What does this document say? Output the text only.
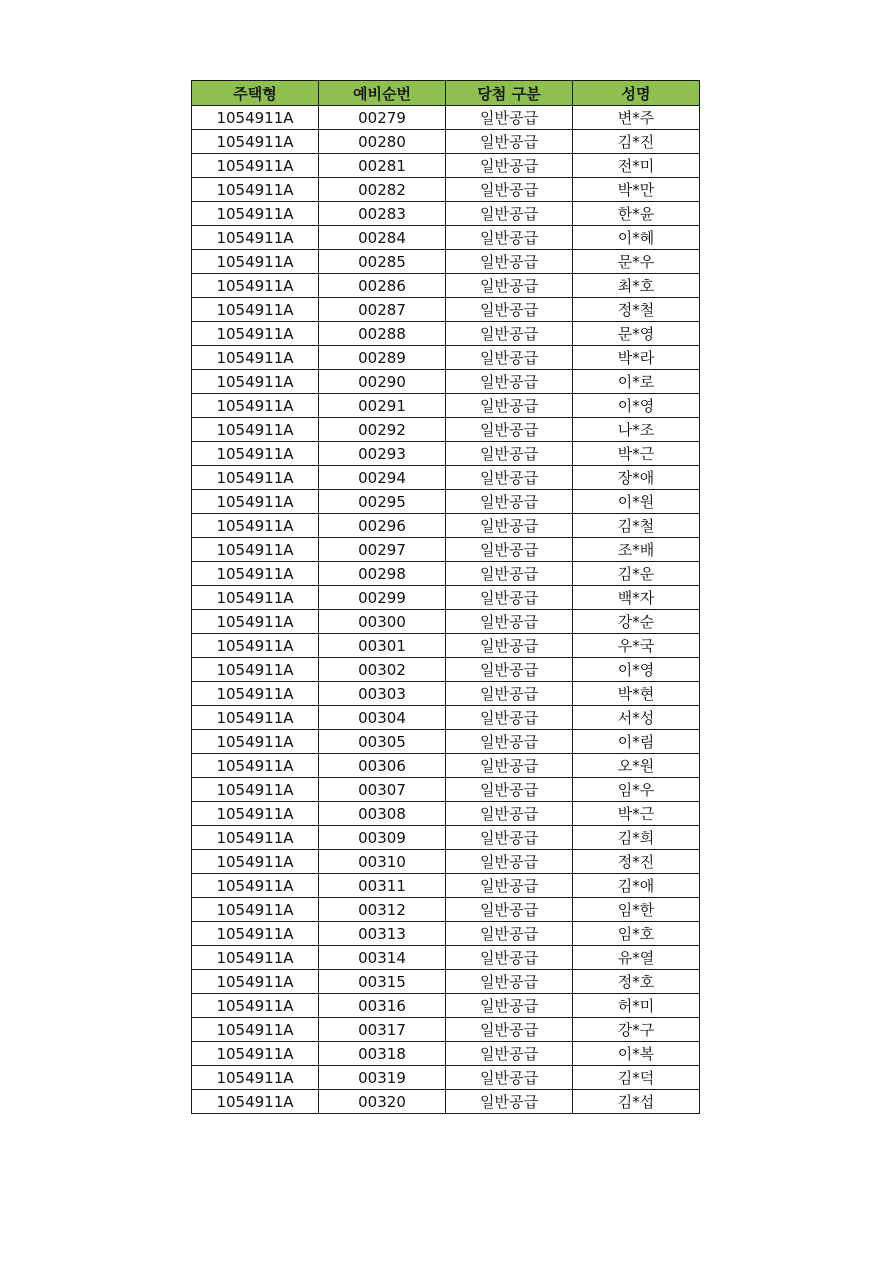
주택형	예비순번	당첨 구분	성명
1054911A	00279	일반공급	변*주
1054911A	00280	일반공급	김*진
1054911A	00281	일반공급	전*미
1054911A	00282	일반공급	박*만
1054911A	00283	일반공급	한*윤
1054911A	00284	일반공급	이*혜
1054911A	00285	일반공급	문*우
1054911A	00286	일반공급	최*호
1054911A	00287	일반공급	정*철
1054911A	00288	일반공급	문*영
1054911A	00289	일반공급	박*라
1054911A	00290	일반공급	이*로
1054911A	00291	일반공급	이*영
1054911A	00292	일반공급	나*조
1054911A	00293	일반공급	박*근
1054911A	00294	일반공급	장*애
1054911A	00295	일반공급	이*원
1054911A	00296	일반공급	김*철
1054911A	00297	일반공급	조*배
1054911A	00298	일반공급	김*운
1054911A	00299	일반공급	백*자
1054911A	00300	일반공급	강*순
1054911A	00301	일반공급	우*국
1054911A	00302	일반공급	이*영
1054911A	00303	일반공급	박*현
1054911A	00304	일반공급	서*성
1054911A	00305	일반공급	이*림
1054911A	00306	일반공급	오*원
1054911A	00307	일반공급	임*우
1054911A	00308	일반공급	박*근
1054911A	00309	일반공급	김*희
1054911A	00310	일반공급	정*진
1054911A	00311	일반공급	김*애
1054911A	00312	일반공급	임*한
1054911A	00313	일반공급	임*호
1054911A	00314	일반공급	유*열
1054911A	00315	일반공급	정*호
1054911A	00316	일반공급	허*미
1054911A	00317	일반공급	강*구
1054911A	00318	일반공급	이*복
1054911A	00319	일반공급	김*덕
1054911A	00320	일반공급	김*섭
